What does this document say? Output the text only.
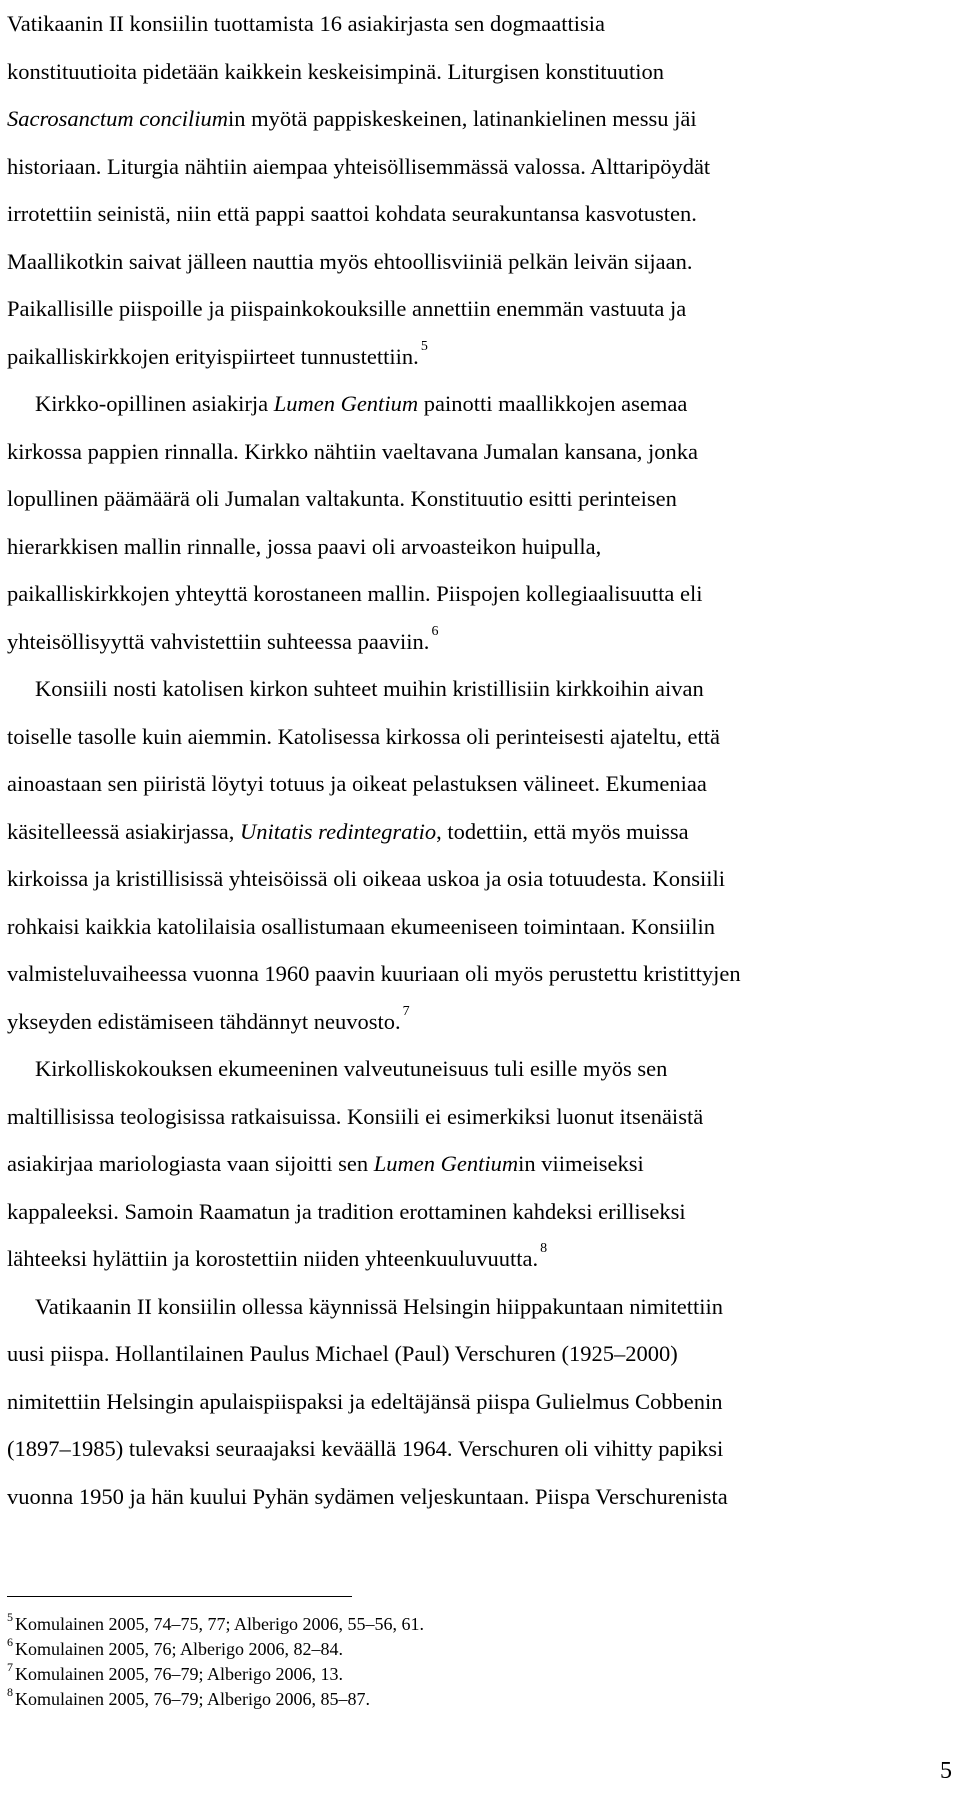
Vatikaanin II konsiilin tuottamista 16 asiakirjasta sen dogmaattisia
konstituutioita pidetään kaikkein keskeisimpinä. Liturgisen konstituution
Sacrosanctum conciliumin myötä pappiskeskeinen, latinankielinen messu jäi
historiaan. Liturgia nähtiin aiempaa yhteisöllisemmässä valossa. Alttaripöydät
irrotettiin seinistä, niin että pappi saattoi kohdata seurakuntansa kasvotusten.
Maallikotkin saivat jälleen nauttia myös ehtoollisviiniä pelkän leivän sijaan.
Paikallisille piispoille ja piispainkokouksille annettiin enemmän vastuuta ja
paikalliskirkkojen erityispiirteet tunnustettiin. $^5$

Kirkko-opillinen asiakirja Lumen Gentium painotti maallikkojen asemaa
kirkossa pappien rinnalla. Kirkko nähtiin vaeltavana Jumalan kansana, jonka
lopullinen päämäärä oli Jumalan valtakunta. Konstituutio esitti perinteisen
hierarkkisen mallin rinnalle, jossa paavi oli arvoasteikon huipulla,
paikalliskirkkojen yhteyttä korostaneen mallin. Piispojen kollegiaalisuutta eli
yhteisöllisyyttä vahvistettiin suhteessa paaviin. $^6$

Konsiili nosti katolisen kirkon suhteet muihin kristillisiin kirkkoihin aivan
toiselle tasolle kuin aiemmin. Katolisessa kirkossa oli perinteisesti ajateltu, että
ainoastaan sen piiristä löytyi totuus ja oikeat pelastuksen välineet. Ekumeniaa
käsitelleessä asiakirjassa, Unitatis redintegratio, todettiin, että myös muissa
kirkoissa ja kristillisissä yhteisöissä oli oikeaa uskoa ja osia totuudesta. Konsiili
rohkaisi kaikkia katolilaisia osallistumaan ekumeeniseen toimintaan. Konsiilin
valmisteluvaiheessa vuonna 1960 paavin kuuriaan oli myös perustettu kristittyjen
ykseyden edistämiseen tähdännyt neuvosto. $^7$

Kirkolliskokouksen ekumeeninen valveutuneisuus tuli esille myös sen
maltillisissa teologisissa ratkaisuissa. Konsiili ei esimerkiksi luonut itsenäistä
asiakirjaa mariologiasta vaan sijoitti sen Lumen Gentiumin viimeiseksi
kappaleeksi. Samoin Raamatun ja tradition erottaminen kahdeksi erilliseksi
lähteeksi hylättiin ja korostettiin niiden yhteenkuuluvuutta. $^8$

Vatikaanin II konsiilin ollessa käynnissä Helsingin hiippakuntaan nimitettiin
uusi piispa. Hollantilainen Paulus Michael (Paul) Verschuren (1925–2000)
nimitettiin Helsingin apulaispiispaksi ja edeltäjänsä piispa Gulielmus Cobbenin
(1897–1985) tulevaksi seuraajaksi keväällä 1964. Verschuren oli vihitty papiksi
vuonna 1950 ja hän kuului Pyhän sydämen veljeskuntaan. Piispa Verschurenista

$^5$ Komulainen 2005, 74–75, 77; Alberigo 2006, 55–56, 61.
$^6$ Komulainen 2005, 76; Alberigo 2006, 82–84.
$^7$ Komulainen 2005, 76–79; Alberigo 2006, 13.
$^8$ Komulainen 2005, 76–79; Alberigo 2006, 85–87.
5
